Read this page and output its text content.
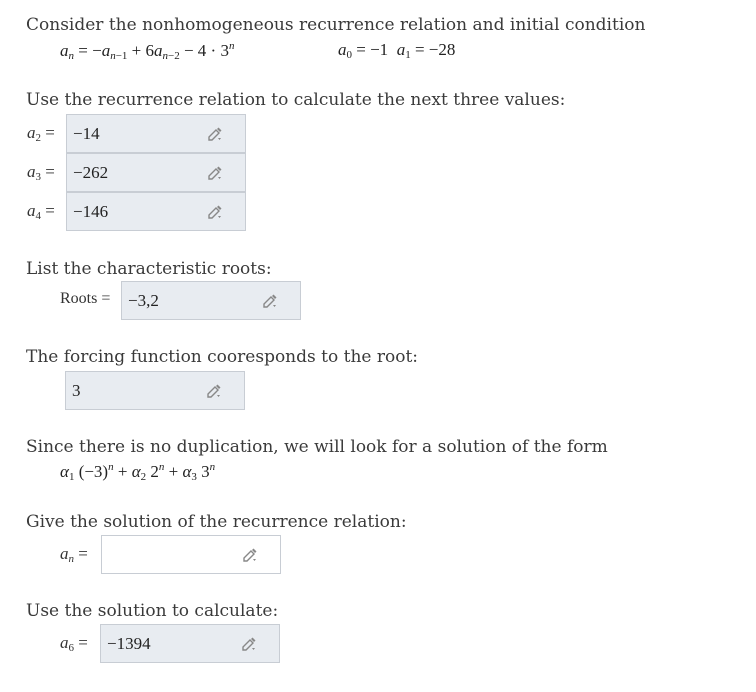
Consider the nonhomogeneous recurrence relation and initial condition
$a_n = -a_{n-1} + 6a_{n-2} - 4 \cdot 3^n$	$a_0 = -1$  $a_1 = -28$
Use the recurrence relation to calculate the next three values:
$a_2 = -14$
$a_3 = -262$
$a_4 = -146$
List the characteristic roots:
Roots = −3,2
The forcing function cooresponds to the root:
3
Since there is no duplication, we will look for a solution of the form
$\alpha_1$ $(-3)^n + \alpha_2$ $2^n + \alpha_3$ 3$^n$
Give the solution of the recurrence relation:
$a_n$ =
Use the solution to calculate:
$a_6 = -1394$
